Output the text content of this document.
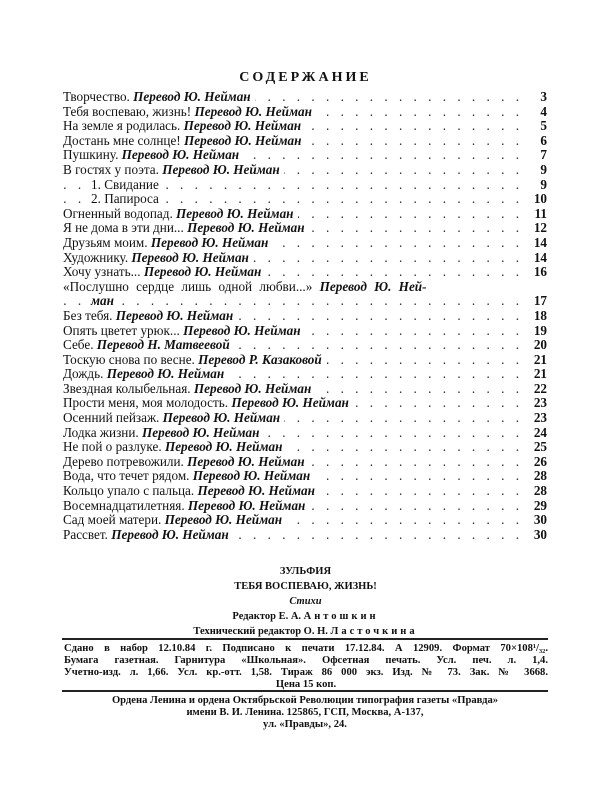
СОДЕРЖАНИЕ
. . .
Творчество. Перевод Ю. Нейман	3
. . .
Тебя воспеваю, жизнь! Перевод Ю. Нейман	4
. . .
На земле я родилась. Перевод Ю. Нейман	5
. . .
Достань мне солнце! Перевод Ю. Нейман	6
. . .
Пушкину. Перевод Ю. Нейман	7
. . .
В гостях у поэта. Перевод Ю. Нейман	9
. . .
1. Свидание	9
. . .
2. Папироса	10
. . .
Огненный водопад. Перевод Ю. Нейман	11
. . .
Я не дома в эти дни... Перевод Ю. Нейман	12
. . .
Друзьям моим. Перевод Ю. Нейман	14
. . .
Художнику. Перевод Ю. Нейман	14
. . .
Хочу узнать... Перевод Ю. Нейман	16
«Послушно сердце лишь одной любви...» Перевод Ю. Ней-
. . .
ман	17
. . .
Без тебя. Перевод Ю. Нейман	18
. . .
Опять цветет урюк... Перевод Ю. Нейман	19
. . .
Себе. Перевод Н. Матвеевой	20
. . .
Тоскую снова по весне. Перевод Р. Казаковой	21
. . .
Дождь. Перевод Ю. Нейман	21
. . .
Звездная колыбельная. Перевод Ю. Нейман	22
. . .
Прости меня, моя молодость. Перевод Ю. Нейман	23
. . .
Осенний пейзаж. Перевод Ю. Нейман	23
. . .
Лодка жизни. Перевод Ю. Нейман	24
. . .
Не пой о разлуке. Перевод Ю. Нейман	25
. . .
Дерево потревожили. Перевод Ю. Нейман	26
. . .
Вода, что течет рядом. Перевод Ю. Нейман	28
. . .
Кольцо упало с пальца. Перевод Ю. Нейман	28
. . .
Восемнадцатилетняя. Перевод Ю. Нейман	29
. . .
Сад моей матери. Перевод Ю. Нейман	30
. . .
Рассвет. Перевод Ю. Нейман	30
ЗУЛЬФИЯ
ТЕБЯ ВОСПЕВАЮ, ЖИЗНЬ!
Стихи
Редактор Е. А. Антошкин
Технический редактор О. Н. Ласточкина
Сдано в набор 12.10.84 г. Подписано к печати 17.12.84. А 12909. Формат 70×108¹/₃₂.
Бумага газетная. Гарнитура «Школьная». Офсетная печать. Усл. печ. л. 1,4.
Учетно-изд. л. 1,66. Усл. кр.-отт. 1,58. Тираж 86 000 экз. Изд. № 73. Зак. № 3668.
Цена 15 коп.
Ордена Ленина и ордена Октябрьской Революции типография газеты «Правда»
имени В. И. Ленина. 125865, ГСП, Москва, А-137,
ул. «Правды», 24.
